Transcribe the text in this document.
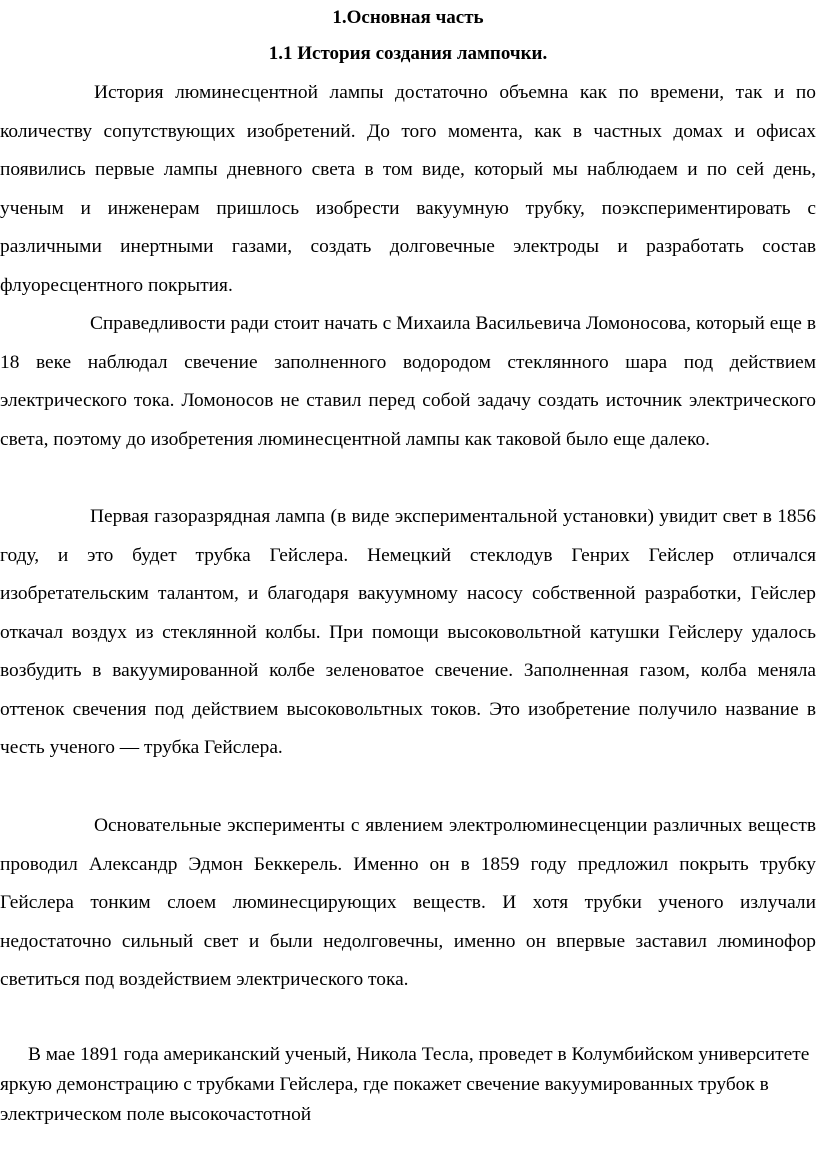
1.Основная часть
1.1 История создания лампочки.

История люминесцентной лампы достаточно объемна как по времени, так и по количеству сопутствующих изобретений. До того момента, как в частных домах и офисах появились первые лампы дневного света в том виде, который мы наблюдаем и по сей день, ученым и инженерам пришлось изобрести вакуумную трубку, поэкспериментировать с различными инертными газами, создать долговечные электроды и разработать состав флуоресцентного покрытия.

Справедливости ради стоит начать с Михаила Васильевича Ломоносова, который еще в 18 веке наблюдал свечение заполненного водородом стеклянного шара под действием электрического тока. Ломоносов не ставил перед собой задачу создать источник электрического света, поэтому до изобретения люминесцентной лампы как таковой было еще далеко.

Первая газоразрядная лампа (в виде экспериментальной установки) увидит свет в 1856 году, и это будет трубка Гейслера. Немецкий стеклодув Генрих Гейслер отличался изобретательским талантом, и благодаря вакуумному насосу собственной разработки, Гейслер откачал воздух из стеклянной колбы. При помощи высоковольтной катушки Гейслеру удалось возбудить в вакуумированной колбе зеленоватое свечение. Заполненная газом, колба меняла оттенок свечения под действием высоковольтных токов. Это изобретение получило название в честь ученого — трубка Гейслера.

Основательные эксперименты с явлением электролюминесценции различных веществ проводил Александр Эдмон Беккерель. Именно он в 1859 году предложил покрыть трубку Гейслера тонким слоем люминесцирующих веществ. И хотя трубки ученого излучали недостаточно сильный свет и были недолговечны, именно он впервые заставил люминофор светиться под воздействием электрического тока.

В мае 1891 года американский ученый, Никола Тесла, проведет в Колумбийском университете яркую демонстрацию с трубками Гейслера, где покажет свечение вакуумированных трубок в электрическом поле высокочастотной
